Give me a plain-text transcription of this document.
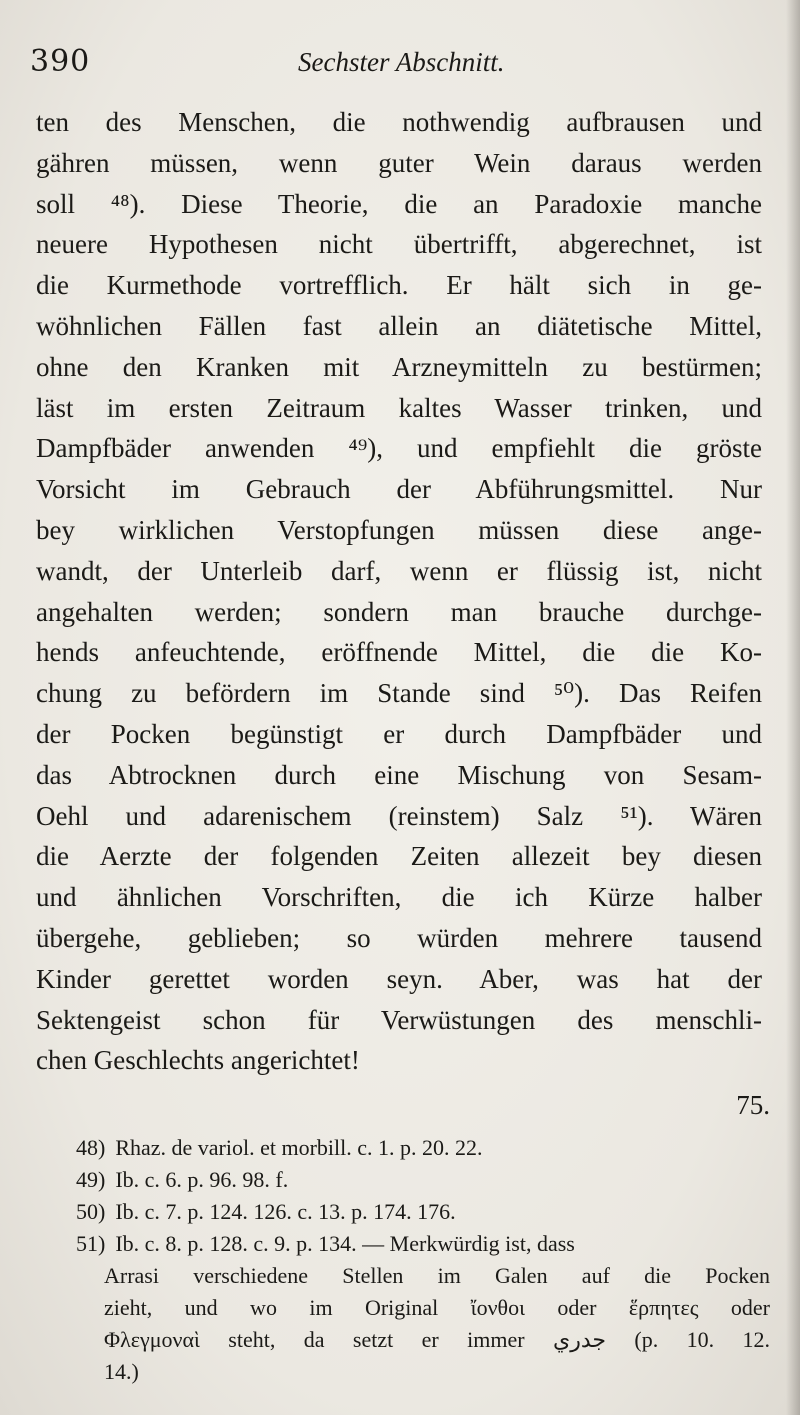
390	Sechster Abschnitt.
ten des Menschen, die nothwendig aufbrausen und
gähren müssen, wenn guter Wein daraus werden
soll ⁴⁸). Diese Theorie, die an Paradoxie manche
neuere Hypothesen nicht übertrifft, abgerechnet, ist
die Kurmethode vortrefflich. Er hält sich in ge-
wöhnlichen Fällen fast allein an diätetische Mittel,
ohne den Kranken mit Arzneymitteln zu bestürmen;
läst im ersten Zeitraum kaltes Wasser trinken, und
Dampfbäder anwenden ⁴⁹), und empfiehlt die gröste
Vorsicht im Gebrauch der Abführungsmittel. Nur
bey wirklichen Verstopfungen müssen diese ange-
wandt, der Unterleib darf, wenn er flüssig ist, nicht
angehalten werden; sondern man brauche durchge-
hends anfeuchtende, eröffnende Mittel, die die Ko-
chung zu befördern im Stande sind ⁵⁰). Das Reifen
der Pocken begünstigt er durch Dampfbäder und
das Abtrocknen durch eine Mischung von Sesam-
Oehl und adarenischem (reinstem) Salz ⁵¹). Wären
die Aerzte der folgenden Zeiten allezeit bey diesen
und ähnlichen Vorschriften, die ich Kürze halber
übergehe, geblieben; so würden mehrere tausend
Kinder gerettet worden seyn. Aber, was hat der
Sektengeist schon für Verwüstungen des menschli-
chen Geschlechts angerichtet!
75.
48) Rhaz. de variol. et morbill. c. 1. p. 20. 22.
49) Ib. c. 6. p. 96. 98. f.
50) Ib. c. 7. p. 124. 126. c. 13. p. 174. 176.
51) Ib. c. 8. p. 128. c. 9. p. 134. — Merkwürdig ist, dass
Arrasi verschiedene Stellen im Galen auf die Pocken
zieht, und wo im Original ἴονθοι oder ἕρπητες oder
Φλεγμοναὶ steht, da setzt er immer جدري (p. 10. 12.
14.)
